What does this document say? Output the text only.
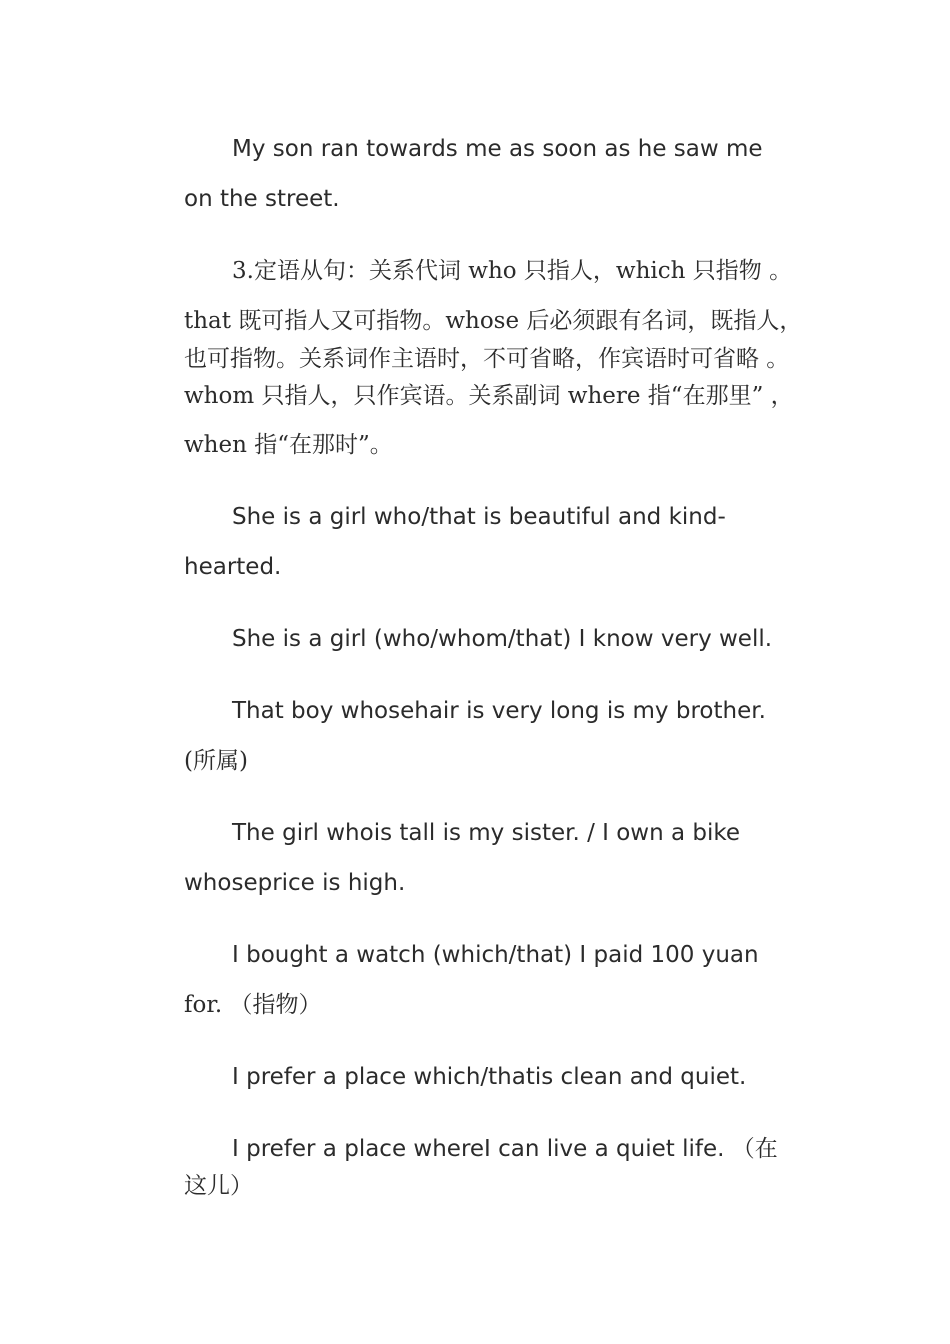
My son ran towards me as soon as he saw me
on the street.
3.定语从句：关系代词 who 只指人，which 只指物 。
that 既可指人又可指物。whose 后必须跟有名词，既指人，
也可指物。关系词作主语时，不可省略，作宾语时可省略 。
whom 只指人，只作宾语。关系副词 where 指“在那里” ，
when 指“在那时”。
She is a girl who/that is beautiful and kind-
hearted.
She is a girl (who/whom/that) I know very well.
That boy whosehair is very long is my brother.
(所属)
The girl whois tall is my sister. / I own a bike
whoseprice is high.
I bought a watch (which/that) I paid 100 yuan
for. （指物）
I prefer a place which/thatis clean and quiet.
I prefer a place whereI can live a quiet life. （在
这儿）
